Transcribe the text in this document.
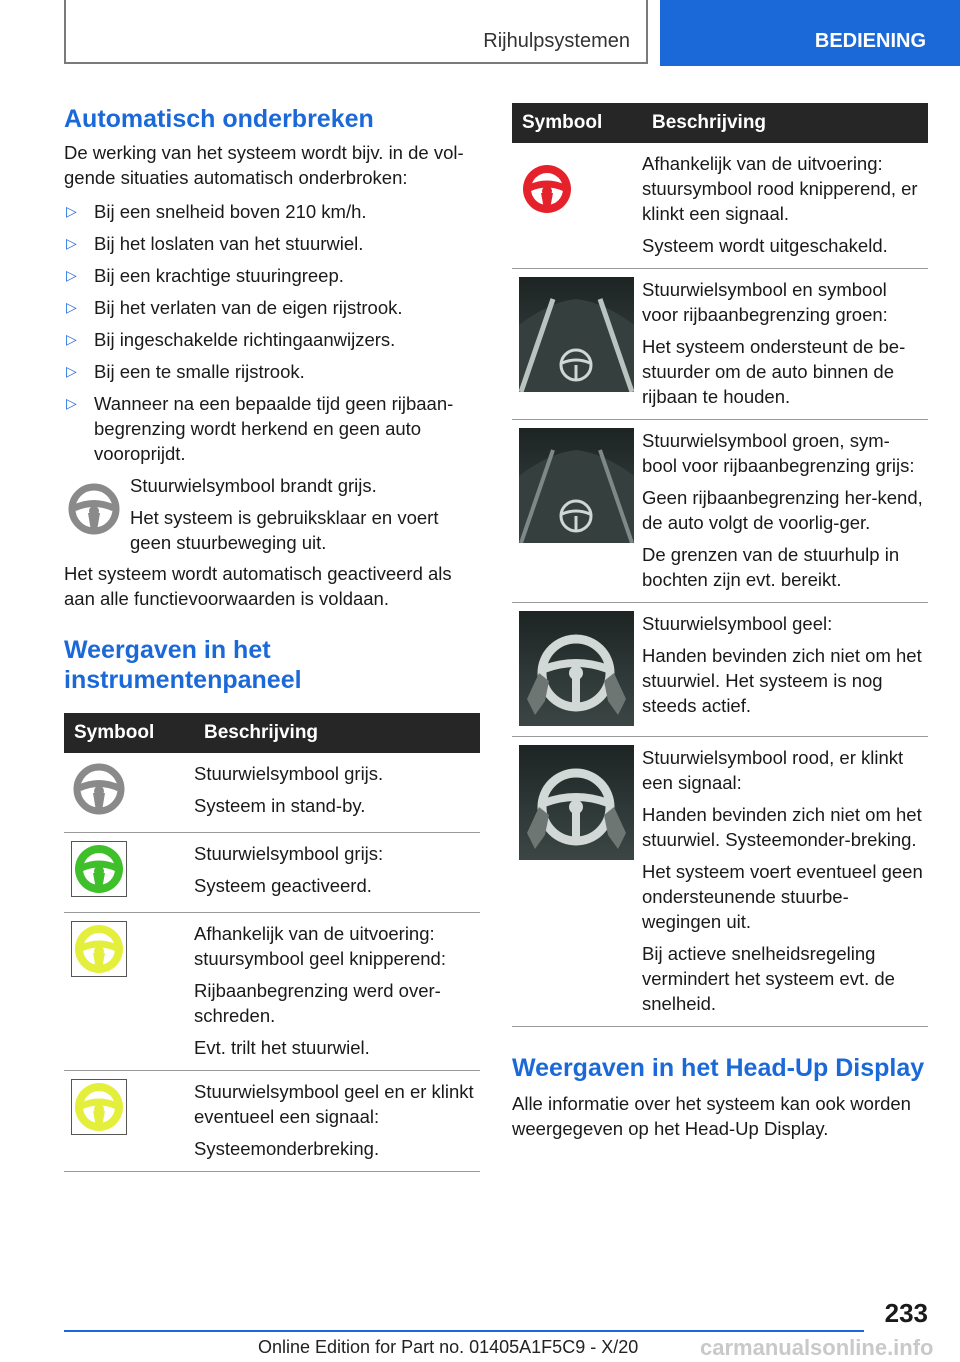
Rijhulpsystemen	BEDIENING
Automatisch onderbreken

De werking van het systeem wordt bijv. in de vol-gende situaties automatisch onderbroken:

▷ Bij een snelheid boven 210 km/h.
▷ Bij het loslaten van het stuurwiel.
▷ Bij een krachtige stuuringreep.
▷ Bij het verlaten van de eigen rijstrook.
▷ Bij ingeschakelde richtingaanwijzers.
▷ Bij een te smalle rijstrook.
▷ Wanneer na een bepaalde tijd geen rijbaan-begrenzing wordt herkend en geen auto vooroprijdt.

Stuurwielsymbool brandt grijs.

Het systeem is gebruiksklaar en voert geen stuurbeweging uit.

Het systeem wordt automatisch geactiveerd als aan alle functievoorwaarden is voldaan.

Weergaven in het instrumentenpaneel
Symbool	Beschrijving

Stuurwielsymbool grijs.
Systeem in stand-by.

Stuurwielsymbool grijs:
Systeem geactiveerd.

Afhankelijk van de uitvoering: stuursymbool geel knipperend:
Rijbaanbegrenzing werd over-schreden.
Evt. trilt het stuurwiel.

Stuurwielsymbool geel en er klinkt eventueel een signaal:
Systeemonderbreking.
Symbool	Beschrijving

Afhankelijk van de uitvoering: stuursymbool rood knipperend, er klinkt een signaal.
Systeem wordt uitgeschakeld.

Stuurwielsymbool en symbool voor rijbaanbegrenzing groen:
Het systeem ondersteunt de be-stuurder om de auto binnen de rijbaan te houden.

Stuurwielsymbool groen, sym-bool voor rijbaanbegrenzing grijs:
Geen rijbaanbegrenzing her-kend, de auto volgt de voorlig-ger.
De grenzen van de stuurhulp in bochten zijn evt. bereikt.

Stuurwielsymbool geel:
Handen bevinden zich niet om het stuurwiel. Het systeem is nog steeds actief.

Stuurwielsymbool rood, er klinkt een signaal:
Handen bevinden zich niet om het stuurwiel. Systeemonder-breking.
Het systeem voert eventueel geen ondersteunende stuurbe-wegingen uit.
Bij actieve snelheidsregeling vermindert het systeem evt. de snelheid.
Weergaven in het Head-Up Display

Alle informatie over het systeem kan ook worden weergegeven op het Head-Up Display.

233
Online Edition for Part no. 01405A1F5C9 - X/20	carmanualsonline.info
